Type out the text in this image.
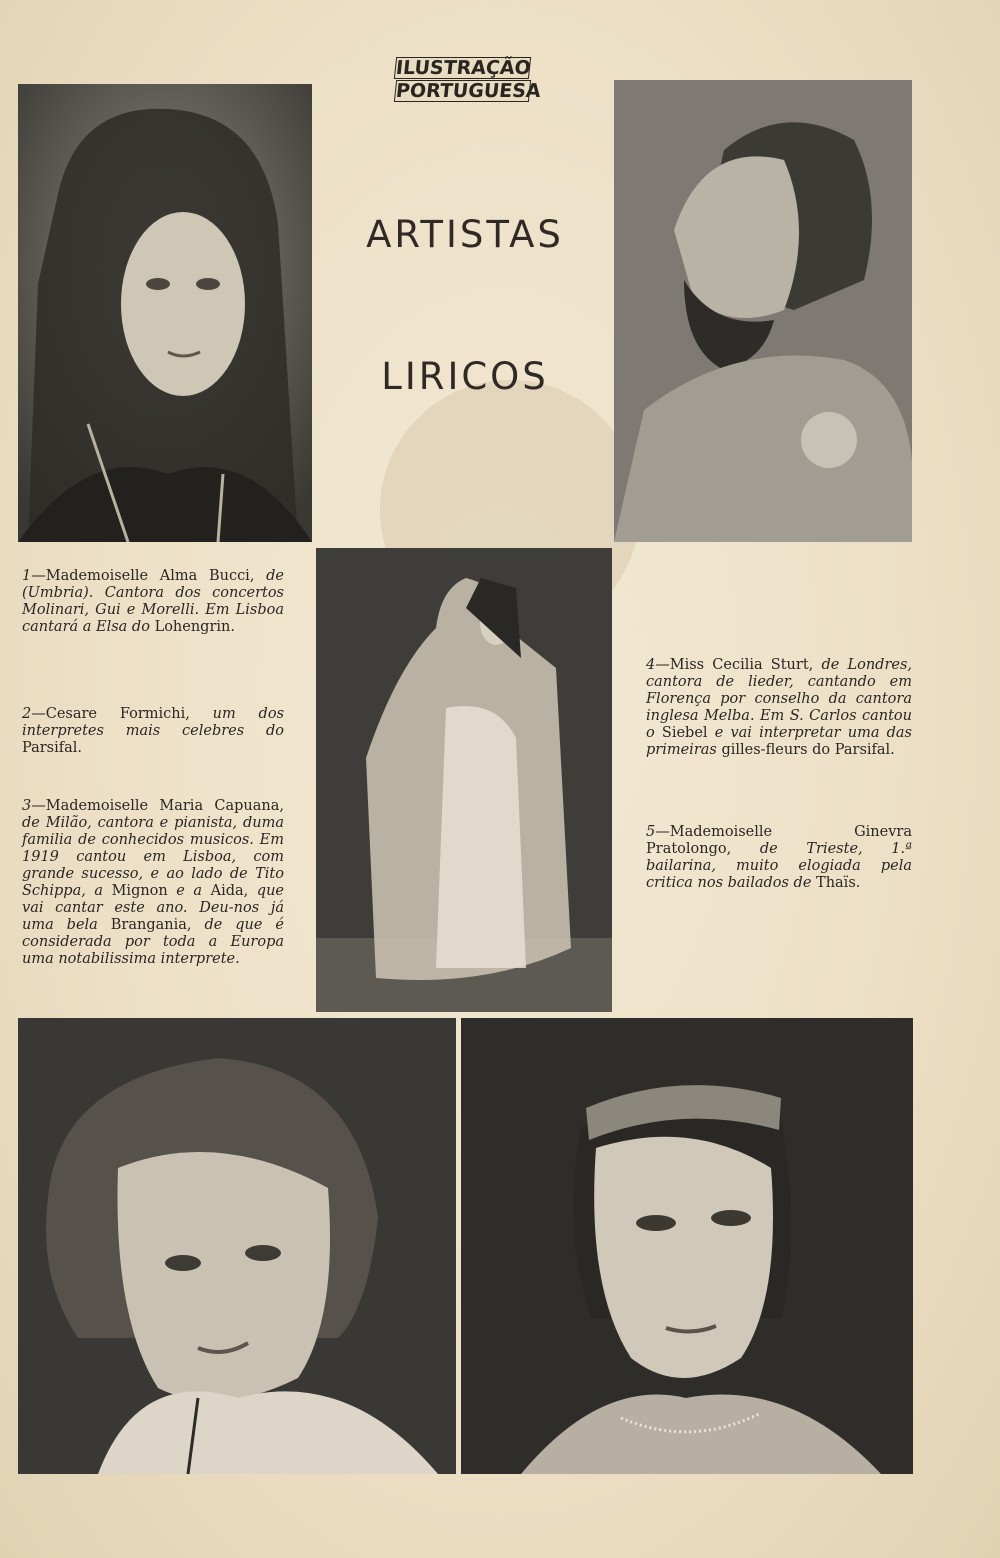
ILUSTRAÇÃO
PORTUGUESA
ARTISTAS
LIRICOS
1—Mademoiselle Alma Bucci, de (Umbria). Cantora dos concertos Molinari, Gui e Morelli. Em Lisboa cantará a Elsa do Lohengrin.
2—Cesare Formichi, um dos interpretes mais celebres do Parsifal.
3—Mademoiselle Maria Capuana, de Milão, cantora e pianista, duma familia de conhecidos musicos. Em 1919 cantou em Lisboa, com grande sucesso, e ao lado de Tito Schippa, a Mignon e a Aida, que vai cantar este ano. Deu-nos já uma bela Brangania, de que é considerada por toda a Europa uma notabilissima interprete.
4—Miss Cecilia Sturt, de Londres, cantora de lieder, cantando em Florença por conselho da cantora inglesa Melba. Em S. Carlos cantou o Siebel e vai interpretar uma das primeiras gilles-fleurs do Parsifal.
5—Mademoiselle Ginevra Pratolongo, de Trieste, 1.ª bailarina, muito elogiada pela critica nos bailados de Thaïs.
